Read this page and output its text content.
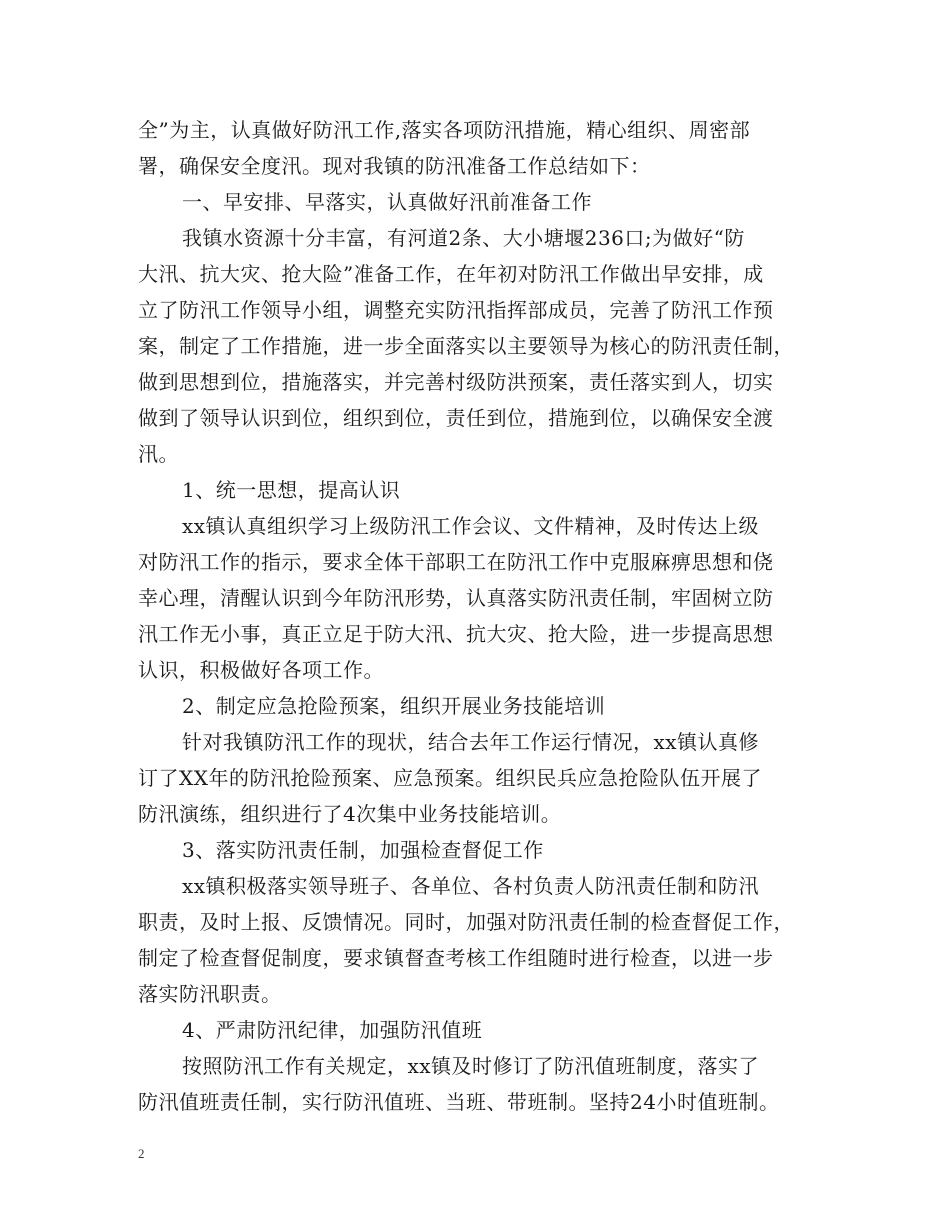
全”为主，认真做好防汛工作,落实各项防汛措施，精心组织、周密部
署，确保安全度汛。现对我镇的防汛准备工作总结如下：
一、早安排、早落实，认真做好汛前准备工作
我镇水资源十分丰富，有河道2条、大小塘堰236口;为做好“防
大汛、抗大灾、抢大险”准备工作，在年初对防汛工作做出早安排，成
立了防汛工作领导小组，调整充实防汛指挥部成员，完善了防汛工作预
案，制定了工作措施，进一步全面落实以主要领导为核心的防汛责任制，
做到思想到位，措施落实，并完善村级防洪预案，责任落实到人，切实
做到了领导认识到位，组织到位，责任到位，措施到位，以确保安全渡
汛。
1、统一思想，提高认识
xx镇认真组织学习上级防汛工作会议、文件精神，及时传达上级
对防汛工作的指示，要求全体干部职工在防汛工作中克服麻痹思想和侥
幸心理，清醒认识到今年防汛形势，认真落实防汛责任制，牢固树立防
汛工作无小事，真正立足于防大汛、抗大灾、抢大险，进一步提高思想
认识，积极做好各项工作。
2、制定应急抢险预案，组织开展业务技能培训
针对我镇防汛工作的现状，结合去年工作运行情况，xx镇认真修
订了XX年的防汛抢险预案、应急预案。组织民兵应急抢险队伍开展了
防汛演练，组织进行了4次集中业务技能培训。
3、落实防汛责任制，加强检查督促工作
xx镇积极落实领导班子、各单位、各村负责人防汛责任制和防汛
职责，及时上报、反馈情况。同时，加强对防汛责任制的检查督促工作，
制定了检查督促制度，要求镇督查考核工作组随时进行检查，以进一步
落实防汛职责。
4、严肃防汛纪律，加强防汛值班
按照防汛工作有关规定，xx镇及时修订了防汛值班制度，落实了
防汛值班责任制，实行防汛值班、当班、带班制。坚持24小时值班制。
2
